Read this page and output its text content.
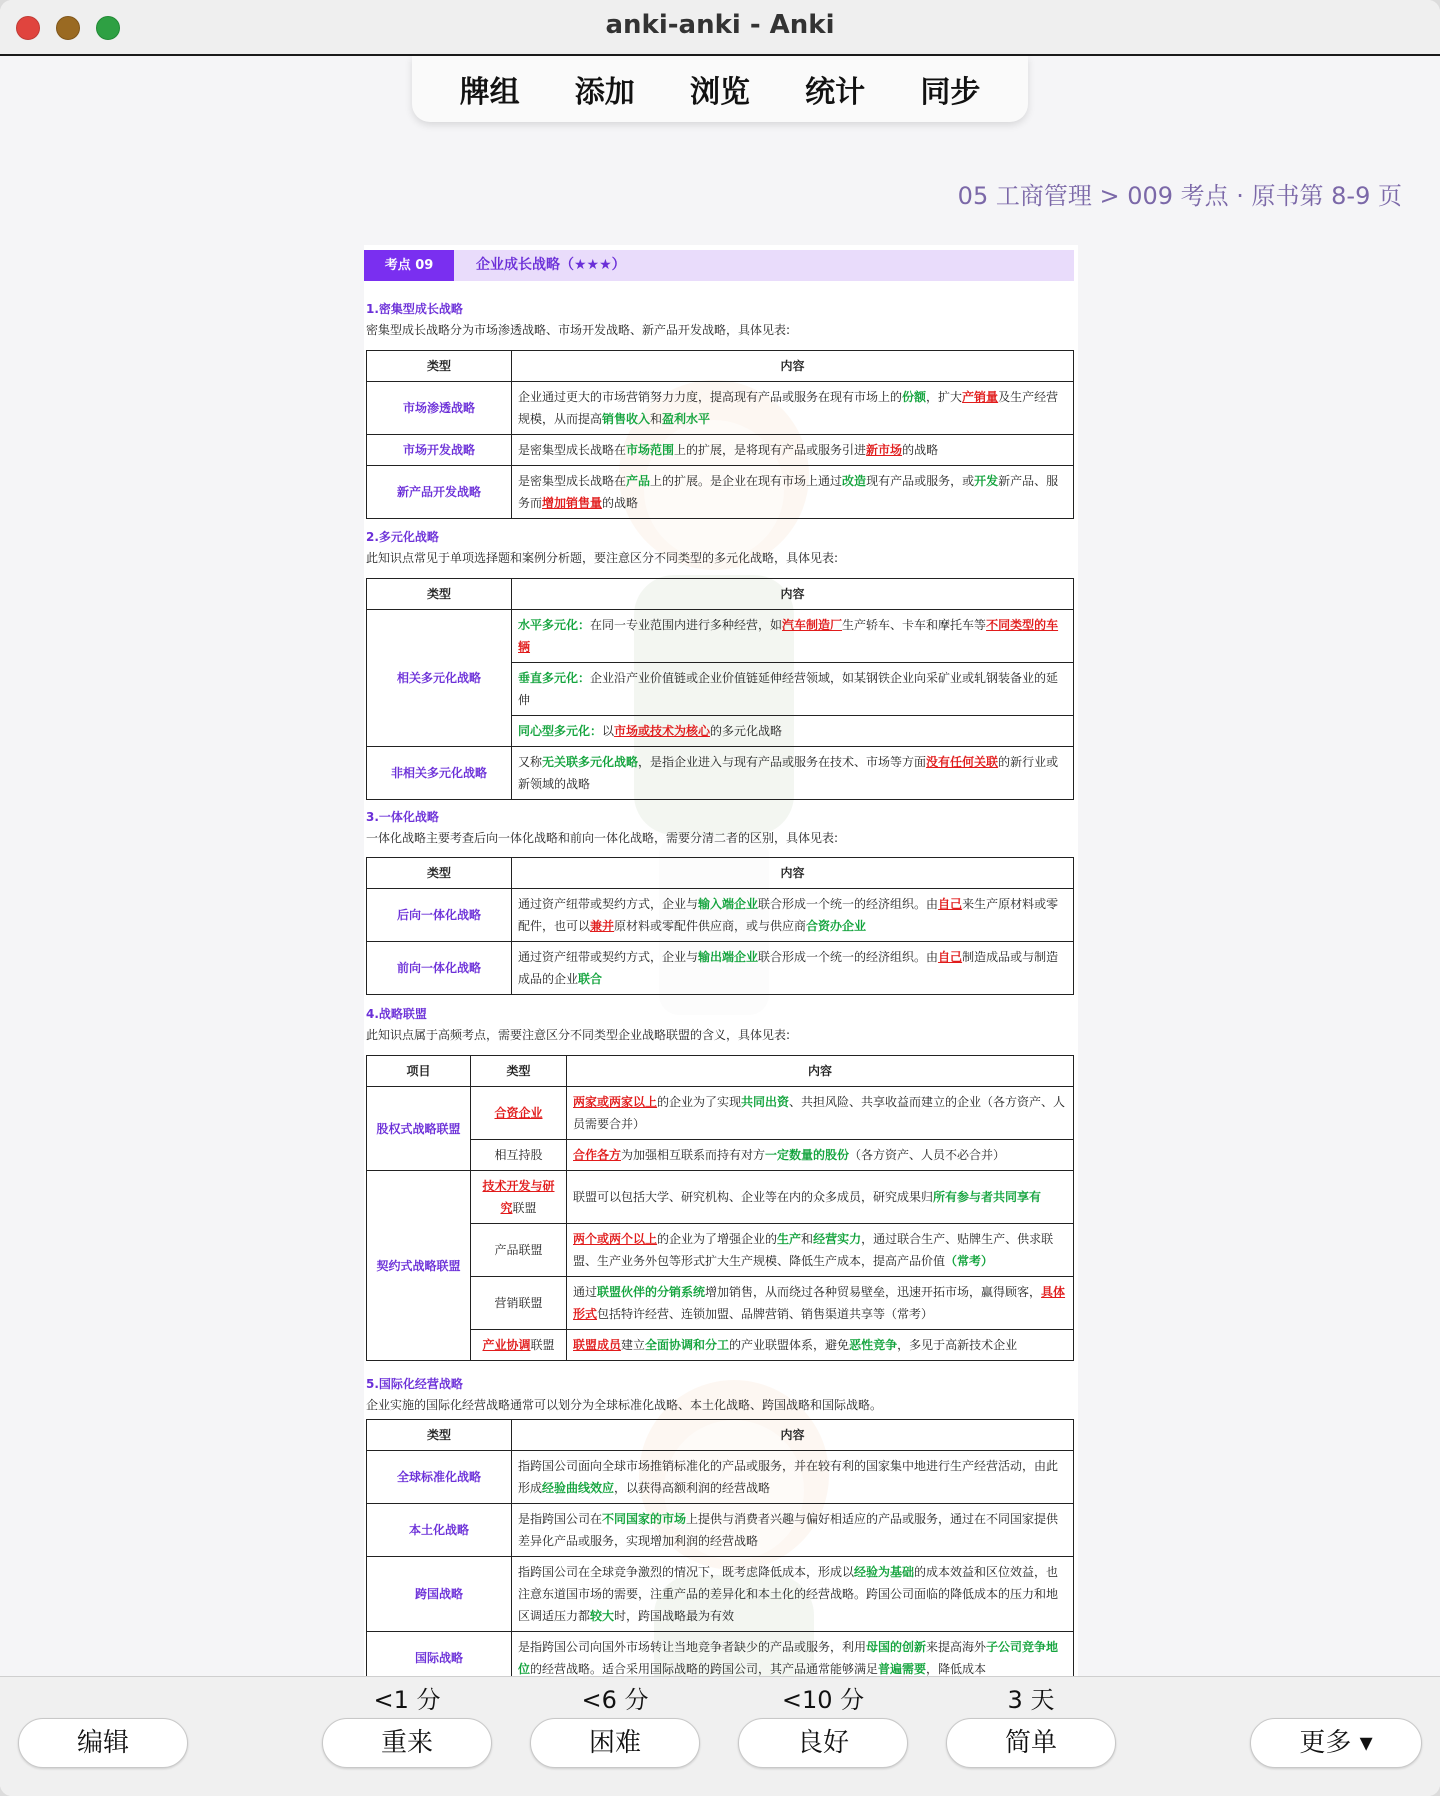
anki-anki - Anki
牌组 添加 浏览 统计 同步
05 工商管理 > 009 考点 · 原书第 8-9 页
考点 09	企业成长战略（★★★）
1.密集型成长战略
密集型成长战略分为市场渗透战略、市场开发战略、新产品开发战略，具体见表:
类型	内容
市场渗透战略	企业通过更大的市场营销努力力度，提高现有产品或服务在现有市场上的份额，扩大产销量及生产经营规模，从而提高销售收入和盈利水平
市场开发战略	是密集型成长战略在市场范围上的扩展，是将现有产品或服务引进新市场的战略
新产品开发战略	是密集型成长战略在产品上的扩展。是企业在现有市场上通过改造现有产品或服务，或开发新产品、服务而增加销售量的战略
2.多元化战略
此知识点常见于单项选择题和案例分析题，要注意区分不同类型的多元化战略，具体见表:
类型	内容
相关多元化战略	水平多元化：在同一专业范围内进行多种经营，如汽车制造厂生产轿车、卡车和摩托车等不同类型的车辆
	垂直多元化：企业沿产业价值链或企业价值链延伸经营领域，如某钢铁企业向采矿业或轧钢装备业的延伸
	同心型多元化：以市场或技术为核心的多元化战略
非相关多元化战略	又称无关联多元化战略，是指企业进入与现有产品或服务在技术、市场等方面没有任何关联的新行业或新领域的战略
3.一体化战略
一体化战略主要考查后向一体化战略和前向一体化战略，需要分清二者的区别，具体见表:
类型	内容
后向一体化战略	通过资产纽带或契约方式，企业与输入端企业联合形成一个统一的经济组织。由自己来生产原材料或零配件，也可以兼并原材料或零配件供应商，或与供应商合资办企业
前向一体化战略	通过资产纽带或契约方式，企业与输出端企业联合形成一个统一的经济组织。由自己制造成品或与制造成品的企业联合
4.战略联盟
此知识点属于高频考点，需要注意区分不同类型企业战略联盟的含义，具体见表:
项目	类型	内容
股权式战略联盟	合资企业	两家或两家以上的企业为了实现共同出资、共担风险、共享收益而建立的企业（各方资产、人员需要合并）
	相互持股	合作各方为加强相互联系而持有对方一定数量的股份（各方资产、人员不必合并）
契约式战略联盟	技术开发与研究联盟	联盟可以包括大学、研究机构、企业等在内的众多成员，研究成果归所有参与者共同享有
	产品联盟	两个或两个以上的企业为了增强企业的生产和经营实力，通过联合生产、贴牌生产、供求联盟、生产业务外包等形式扩大生产规模、降低生产成本，提高产品价值（常考）
	营销联盟	通过联盟伙伴的分销系统增加销售，从而绕过各种贸易壁垒，迅速开拓市场，赢得顾客，具体形式包括特许经营、连锁加盟、品牌营销、销售渠道共享等（常考）
	产业协调联盟	联盟成员建立全面协调和分工的产业联盟体系，避免恶性竞争，多见于高新技术企业
5.国际化经营战略
企业实施的国际化经营战略通常可以划分为全球标准化战略、本土化战略、跨国战略和国际战略。
类型	内容
全球标准化战略	指跨国公司面向全球市场推销标准化的产品或服务，并在较有利的国家集中地进行生产经营活动，由此形成经验曲线效应，以获得高额利润的经营战略
本土化战略	是指跨国公司在不同国家的市场上提供与消费者兴趣与偏好相适应的产品或服务，通过在不同国家提供差异化产品或服务，实现增加利润的经营战略
跨国战略	指跨国公司在全球竞争激烈的情况下，既考虑降低成本，形成以经验为基础的成本效益和区位效益，也注意东道国市场的需要，注重产品的差异化和本土化的经营战略。跨国公司面临的降低成本的压力和地区调适压力都较大时，跨国战略最为有效
国际战略	是指跨国公司向国外市场转让当地竞争者缺少的产品或服务，利用母国的创新来提高海外子公司竞争地位的经营战略。适合采用国际战略的跨国公司，其产品通常能够满足普遍需要，降低成本
<1 分	<6 分	<10 分	3 天
编辑	重来	困难	良好	简单	更多 ▾
